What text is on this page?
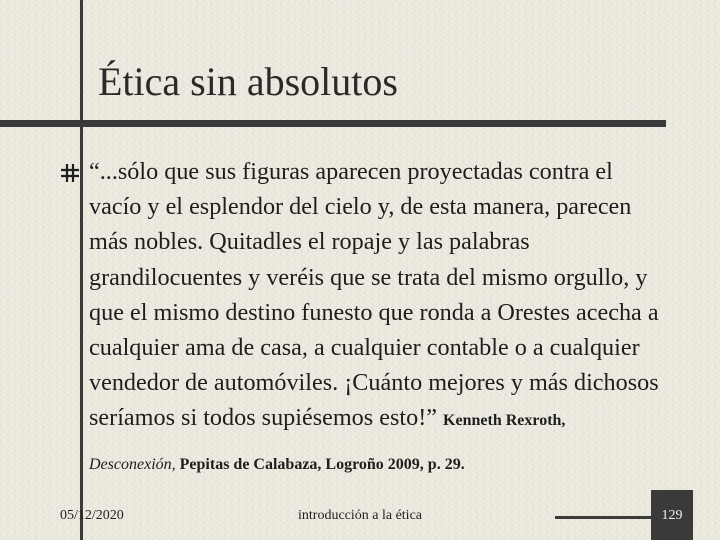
Ética sin absolutos

“...sólo que sus figuras aparecen proyectadas contra el vacío y el esplendor del cielo y, de esta manera, parecen más nobles. Quitadles el ropaje y las palabras grandilocuentes y veréis que se trata del mismo orgullo, y que el mismo destino funesto que ronda a Orestes acecha a cualquier ama de casa, a cualquier contable o a cualquier vendedor de automóviles. ¡Cuánto mejores y más dichosos seríamos si todos supiésemos esto!” Kenneth Rexroth,

Desconexión, Pepitas de Calabaza, Logroño 2009, p. 29.
05/12/2020	introducción a la ética	129
